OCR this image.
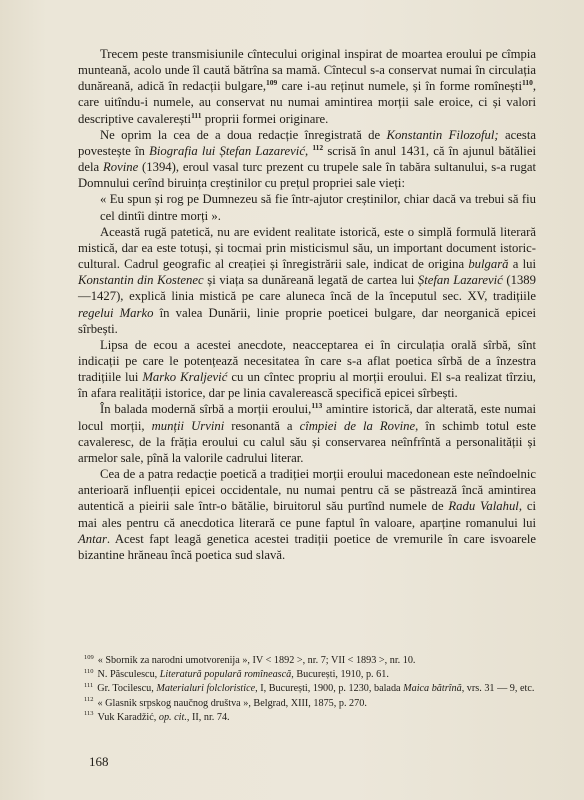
Trecem peste transmisiunile cîntecului original inspirat de moartea eroului pe cîmpia munteană, acolo unde îl caută bătrîna sa mamă. Cîntecul s-a conservat numai în circulația dunăreană, adică în redacții bulgare,$^{109}$ care i-au reținut numele, și în forme romînești$^{110}$, care uitîndu-i numele, au conservat nu numai amintirea morții sale eroice, ci și valori descriptive cavalerești$^{111}$ proprii formei originare.

Ne oprim la cea de a doua redacție înregistrată de Konstantin Filozoful; acesta povestește în Biografia lui Ștefan Lazarević, $^{112}$ scrisă în anul 1431, că în ajunul bătăliei dela Rovine (1394), eroul vasal turc prezent cu trupele sale în tabăra sultanului, s-a rugat Domnului cerînd biruința creștinilor cu prețul propriei sale vieți:

« Eu spun și rog pe Dumnezeu să fie într-ajutor creștinilor, chiar dacă va trebui să fiu cel dintîi dintre morți ».

Această rugă patetică, nu are evident realitate istorică, este o simplă formulă literară mistică, dar ea este totuși, și tocmai prin misticismul său, un important document istoric-cultural. Cadrul geografic al creației și înregistrării sale, indicat de origina bulgară a lui Konstantin din Kostenec și viața sa dunăreană legată de cartea lui Ștefan Lazarević (1389—1427), explică linia mistică pe care aluneca încă de la începutul sec. XV, tradițiile regelui Marko în valea Dunării, linie proprie poeticei bulgare, dar neorganică epicei sîrbești.

Lipsa de ecou a acestei anecdote, neacceptarea ei în circulația orală sîrbă, sînt indicații pe care le potențează necesitatea în care s-a aflat poetica sîrbă de a înzestra tradițiile lui Marko Kraljević cu un cîntec propriu al morții eroului. El s-a realizat tîrziu, în afara realității istorice, dar pe linia cavalerească specifică epicei sîrbești.

În balada modernă sîrbă a morții eroului,$^{113}$ amintire istorică, dar alterată, este numai locul morții, munții Urvini resonantă a cîmpiei de la Rovine, în schimb totul este cavaleresc, de la frăția eroului cu calul său și conservarea neînfrîntă a personalității și armelor sale, pînă la valorile cadrului literar.

Cea de a patra redacție poetică a tradiției morții eroului macedonean este neîndoelnic anterioară influenții epicei occidentale, nu numai pentru că se păstrează încă amintirea autentică a pieirii sale într-o bătălie, biruitorul său purtînd numele de Radu Valahul, ci mai ales pentru că anecdotica literară ce pune faptul în valoare, aparține romanului lui Antar. Acest fapt leagă genetica acestei tradiții poetice de vremurile în care isvoarele bizantine hrăneau încă poetica sud slavă.

$^{109}$ « Sbornik za narodni umotvorenija », IV < 1892 >, nr. 7; VII < 1893 >, nr. 10.

$^{110}$ N. Păsculescu, Literatură populară romînească, București, 1910, p. 61.

$^{111}$ Gr. Tocilescu, Materialuri folcloristice, I, București, 1900, p. 1230, balada Maica bătrînă, vrs. 31 — 9, etc.

$^{112}$ « Glasnik srpskog naučnog društva », Belgrad, XIII, 1875, p. 270.

$^{113}$ Vuk Karadžić, op. cit., II, nr. 74.

168
